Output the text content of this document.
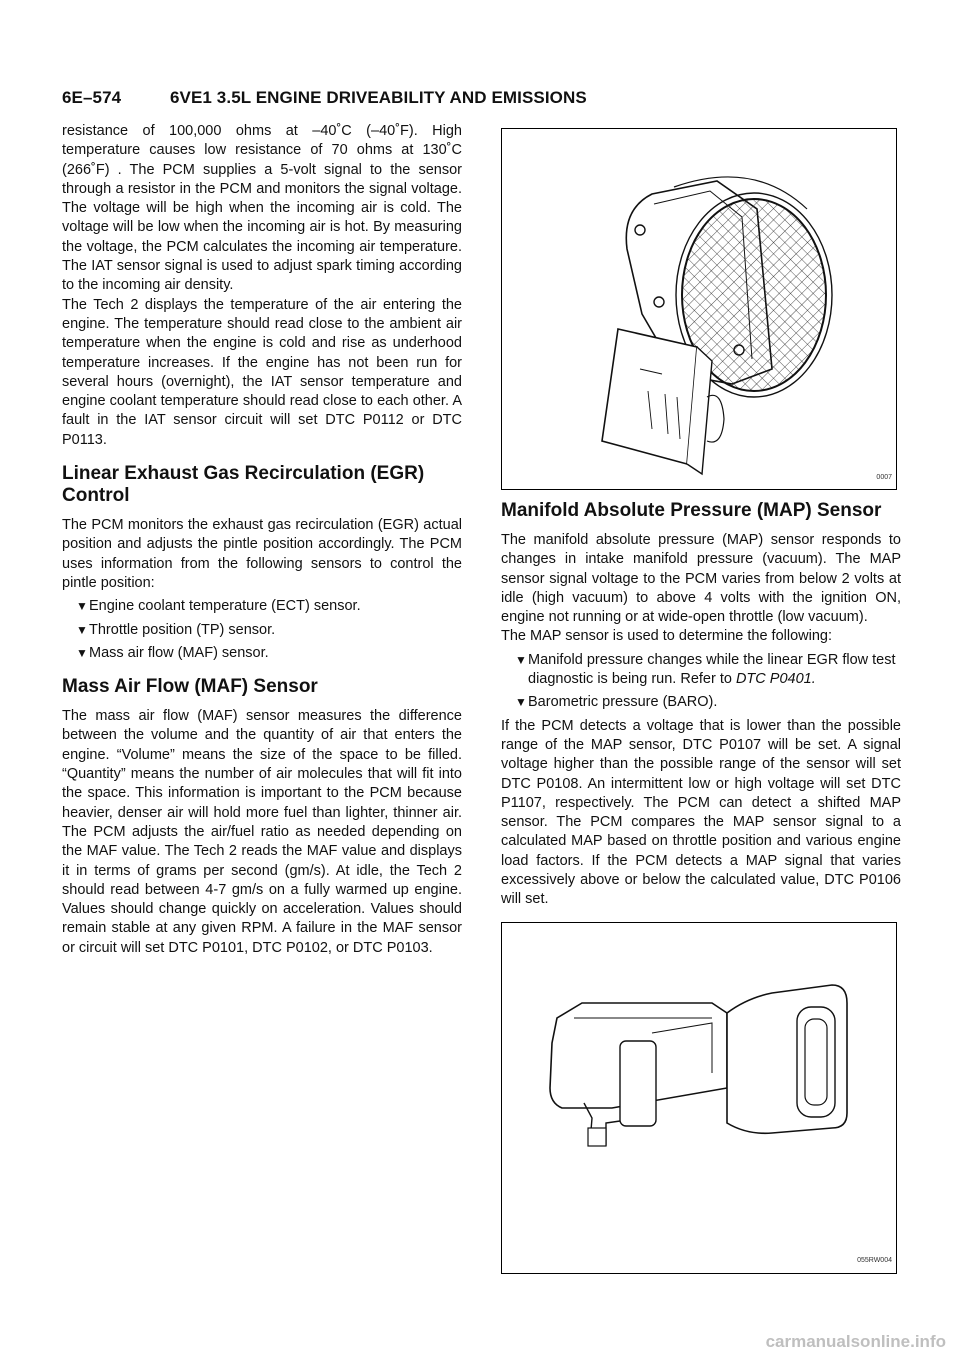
6E–574	6VE1 3.5L ENGINE DRIVEABILITY AND EMISSIONS

resistance of 100,000 ohms at –40˚C (–40˚F). High temperature causes low resistance of 70 ohms at 130˚C (266˚F) . The PCM supplies a 5-volt signal to the sensor through a resistor in the PCM and monitors the signal voltage. The voltage will be high when the incoming air is cold. The voltage will be low when the incoming air is hot. By measuring the voltage, the PCM calculates the incoming air temperature. The IAT sensor signal is used to adjust spark timing according to the incoming air density.

The Tech 2 displays the temperature of the air entering the engine. The temperature should read close to the ambient air temperature when the engine is cold and rise as underhood temperature increases. If the engine has not been run for several hours (overnight), the IAT sensor temperature and engine coolant temperature should read close to each other. A fault in the IAT sensor circuit will set DTC P0112 or DTC P0113.

Linear Exhaust Gas Recirculation (EGR) Control

The PCM monitors the exhaust gas recirculation (EGR) actual position and adjusts the pintle position accordingly. The PCM uses information from the following sensors to control the pintle position:

▼ Engine coolant temperature (ECT) sensor.
▼ Throttle position (TP) sensor.
▼ Mass air flow (MAF) sensor.
Mass Air Flow (MAF) Sensor

The mass air flow (MAF) sensor measures the difference between the volume and the quantity of air that enters the engine. “Volume” means the size of the space to be filled. “Quantity” means the number of air molecules that will fit into the space. This information is important to the PCM because heavier, denser air will hold more fuel than lighter, thinner air. The PCM adjusts the air/fuel ratio as needed depending on the MAF value. The Tech 2 reads the MAF value and displays it in terms of grams per second (gm/s). At idle, the Tech 2 should read between 4-7 gm/s on a fully warmed up engine. Values should change quickly on acceleration. Values should remain stable at any given RPM. A failure in the MAF sensor or circuit will set DTC P0101, DTC P0102, or DTC P0103.

0007
Manifold Absolute Pressure (MAP) Sensor

The manifold absolute pressure (MAP) sensor responds to changes in intake manifold pressure (vacuum). The MAP sensor signal voltage to the PCM varies from below 2 volts at idle (high vacuum) to above 4 volts with the ignition ON, engine not running or at wide-open throttle (low vacuum).

The MAP sensor is used to determine the following:

▼ Manifold pressure changes while the linear EGR flow test diagnostic is being run. Refer to DTC P0401.
▼ Barometric pressure (BARO).

If the PCM detects a voltage that is lower than the possible range of the MAP sensor, DTC P0107 will be set. A signal voltage higher than the possible range of the sensor will set DTC P0108. An intermittent low or high voltage will set DTC P1107, respectively. The PCM can detect a shifted MAP sensor. The PCM compares the MAP sensor signal to a calculated MAP based on throttle position and various engine load factors. If the PCM detects a MAP signal that varies excessively above or below the calculated value, DTC P0106 will set.

055RW004
carmanualsonline.info
